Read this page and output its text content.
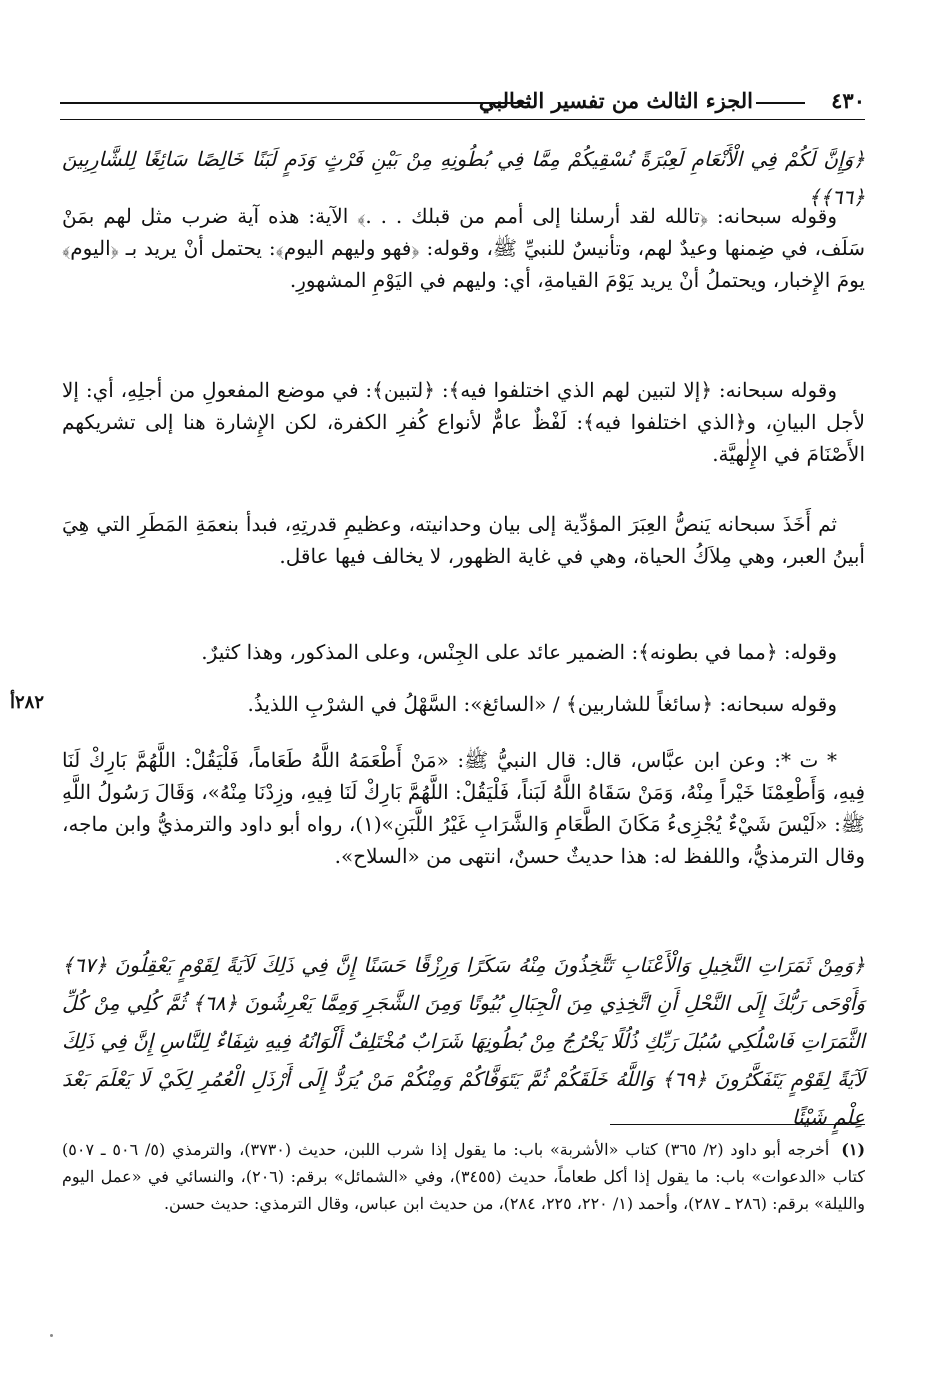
٤٣٠
الجزء الثالث من تفسير الثعالبي
﴿وَإِنَّ لَكُمْ فِي الْأَنْعَامِ لَعِبْرَةً نُسْقِيكُمْ مِمَّا فِي بُطُونِهِ مِنْ بَيْنِ فَرْثٍ وَدَمٍ لَبَنًا خَالِصًا سَائِغًا لِلشَّارِبِينَ ﴿٦٦﴾﴾
وقوله سبحانه: ﴿تالله لقد أرسلنا إلى أمم من قبلك . . .﴾ الآية: هذه آية ضرب مثل لهم بمَنْ سَلَف، في ضِمنها وعيدٌ لهم، وتأنيسٌ للنبيِّ ﷺ، وقوله: ﴿فهو وليهم اليوم﴾: يحتمل أنْ يريد بـ ﴿اليوم﴾ يومَ الإِخبار، ويحتملُ أنْ يريد يَوْمَ القيامةِ، أي: وليهم في اليَوْمِ المشهورِ.
وقوله سبحانه: ﴿إلا لتبين لهم الذي اختلفوا فيه﴾: ﴿لتبين﴾: في موضع المفعولِ من أجلِهِ، أي: إلا لأجل البيانِ، و﴿الذي اختلفوا فيه﴾: لَفْظٌ عامٌّ لأنواع كُفرِ الكفرة، لكن الإِشارة هنا إلى تشريكهم الأَصْنَامَ في الإِلٰهيَّة.
ثم أَخَذَ سبحانه يَنصُّ العِبَرَ المؤدِّية إلى بيان وحدانيته، وعظيمِ قدرتِهِ، فبدأ بنعمَةِ المَطَرِ التي هِيَ أبينُ العبر، وهي مِلاَكُ الحياة، وهي في غاية الظهور، لا يخالف فيها عاقل.
وقوله: ﴿مما في بطونه﴾: الضمير عائد على الجِنْس، وعلى المذكور، وهذا كثيرٌ.
وقوله سبحانه: ﴿سائغاً للشاربين﴾ / «السائغ»: السَّهْلُ في الشرْبِ اللذيذُ.
٢٨٢أ
* ت *: وعن ابن عبَّاس، قال: قال النبيُّ ﷺ: «مَنْ أَطْعَمَهُ اللَّهُ طَعَاماً، فَلْيَقُلْ: اللَّهُمَّ بَارِكْ لَنَا فِيهِ، وَأَطْعِمْنَا خَيْراً مِنْهُ، وَمَنْ سَقَاهُ اللَّهُ لَبَناً، فَلْيَقُلْ: اللَّهُمَّ بَارِكْ لَنَا فِيهِ، وزِدْنَا مِنْهُ»، وَقَالَ رَسُولُ اللَّهِ ﷺ: «لَيْسَ شَيْءٌ يُجْزِىءُ مَكَانَ الطَّعَامِ وَالشَّرَابِ غَيْرُ اللَّبَنِ»(١)، رواه أبو داود والترمذيُّ وابن ماجه، وقال الترمذيُّ، واللفظ له: هذا حديثٌ حسنٌ، انتهى من «السلاح».
﴿وَمِنْ ثَمَرَاتِ النَّخِيلِ وَالْأَعْنَابِ تَتَّخِذُونَ مِنْهُ سَكَرًا وَرِزْقًا حَسَنًا إِنَّ فِي ذَلِكَ لَآيَةً لِقَوْمٍ يَعْقِلُونَ ﴿٦٧﴾ وَأَوْحَى رَبُّكَ إِلَى النَّحْلِ أَنِ اتَّخِذِي مِنَ الْجِبَالِ بُيُوتًا وَمِنَ الشَّجَرِ وَمِمَّا يَعْرِشُونَ ﴿٦٨﴾ ثُمَّ كُلِي مِنْ كُلِّ الثَّمَرَاتِ فَاسْلُكِي سُبُلَ رَبِّكِ ذُلُلًا يَخْرُجُ مِنْ بُطُونِهَا شَرَابٌ مُخْتَلِفٌ أَلْوَانُهُ فِيهِ شِفَاءٌ لِلنَّاسِ إِنَّ فِي ذَلِكَ لَآيَةً لِقَوْمٍ يَتَفَكَّرُونَ ﴿٦٩﴾ وَاللَّهُ خَلَقَكُمْ ثُمَّ يَتَوَفَّاكُمْ وَمِنْكُمْ مَنْ يُرَدُّ إِلَى أَرْذَلِ الْعُمُرِ لِكَيْ لَا يَعْلَمَ بَعْدَ عِلْمٍ شَيْئًا
(١)أخرجه أبو داود (٢/ ٣٦٥) كتاب «الأشربة» باب: ما يقول إذا شرب اللبن، حديث (٣٧٣٠)، والترمذي (٥/ ٥٠٦ ـ ٥٠٧) كتاب «الدعوات» باب: ما يقول إذا أكل طعاماً، حديث (٣٤٥٥)، وفي «الشمائل» برقم: (٢٠٦)، والنسائي في «عمل اليوم والليلة» برقم: (٢٨٦ ـ ٢٨٧)، وأحمد (١/ ٢٢٠، ٢٢٥، ٢٨٤)، من حديث ابن عباس، وقال الترمذي: حديث حسن.
